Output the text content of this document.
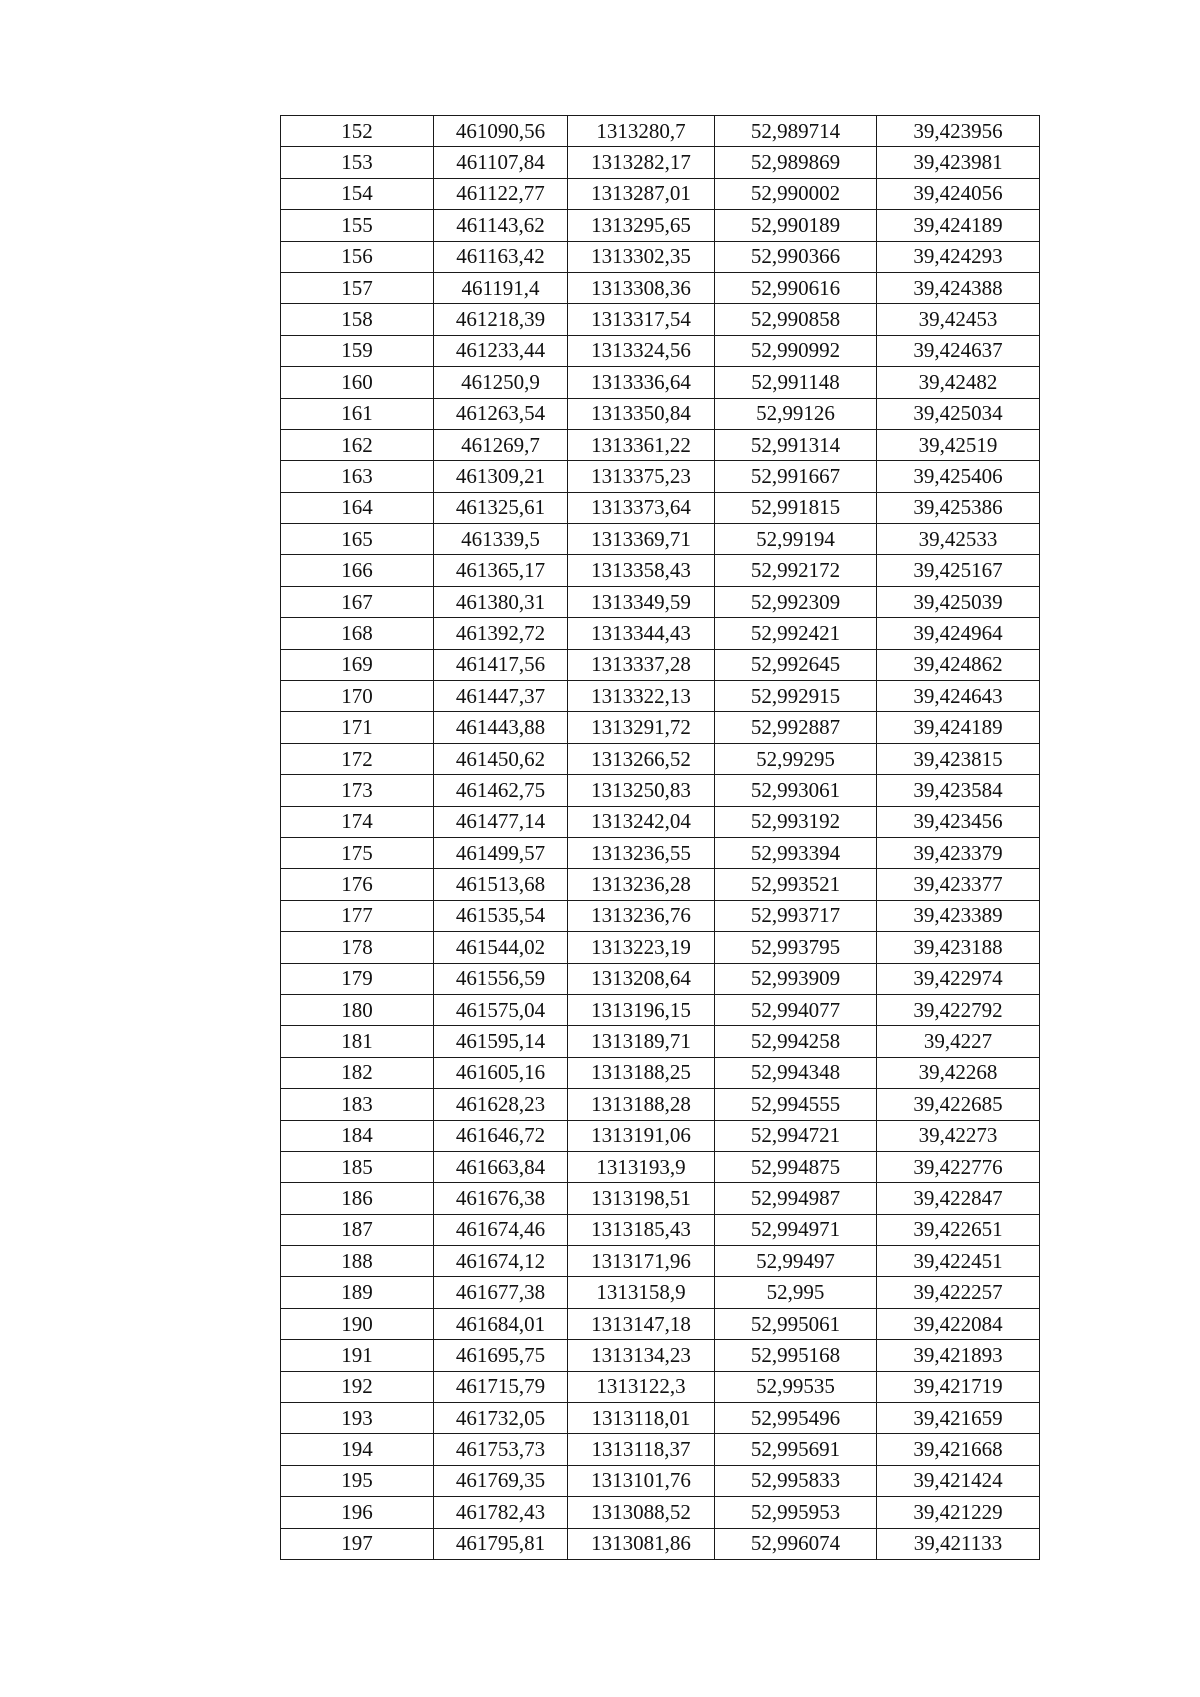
152	461090,56	1313280,7	52,989714	39,423956
153	461107,84	1313282,17	52,989869	39,423981
154	461122,77	1313287,01	52,990002	39,424056
155	461143,62	1313295,65	52,990189	39,424189
156	461163,42	1313302,35	52,990366	39,424293
157	461191,4	1313308,36	52,990616	39,424388
158	461218,39	1313317,54	52,990858	39,42453
159	461233,44	1313324,56	52,990992	39,424637
160	461250,9	1313336,64	52,991148	39,42482
161	461263,54	1313350,84	52,99126	39,425034
162	461269,7	1313361,22	52,991314	39,42519
163	461309,21	1313375,23	52,991667	39,425406
164	461325,61	1313373,64	52,991815	39,425386
165	461339,5	1313369,71	52,99194	39,42533
166	461365,17	1313358,43	52,992172	39,425167
167	461380,31	1313349,59	52,992309	39,425039
168	461392,72	1313344,43	52,992421	39,424964
169	461417,56	1313337,28	52,992645	39,424862
170	461447,37	1313322,13	52,992915	39,424643
171	461443,88	1313291,72	52,992887	39,424189
172	461450,62	1313266,52	52,99295	39,423815
173	461462,75	1313250,83	52,993061	39,423584
174	461477,14	1313242,04	52,993192	39,423456
175	461499,57	1313236,55	52,993394	39,423379
176	461513,68	1313236,28	52,993521	39,423377
177	461535,54	1313236,76	52,993717	39,423389
178	461544,02	1313223,19	52,993795	39,423188
179	461556,59	1313208,64	52,993909	39,422974
180	461575,04	1313196,15	52,994077	39,422792
181	461595,14	1313189,71	52,994258	39,4227
182	461605,16	1313188,25	52,994348	39,42268
183	461628,23	1313188,28	52,994555	39,422685
184	461646,72	1313191,06	52,994721	39,42273
185	461663,84	1313193,9	52,994875	39,422776
186	461676,38	1313198,51	52,994987	39,422847
187	461674,46	1313185,43	52,994971	39,422651
188	461674,12	1313171,96	52,99497	39,422451
189	461677,38	1313158,9	52,995	39,422257
190	461684,01	1313147,18	52,995061	39,422084
191	461695,75	1313134,23	52,995168	39,421893
192	461715,79	1313122,3	52,99535	39,421719
193	461732,05	1313118,01	52,995496	39,421659
194	461753,73	1313118,37	52,995691	39,421668
195	461769,35	1313101,76	52,995833	39,421424
196	461782,43	1313088,52	52,995953	39,421229
197	461795,81	1313081,86	52,996074	39,421133
